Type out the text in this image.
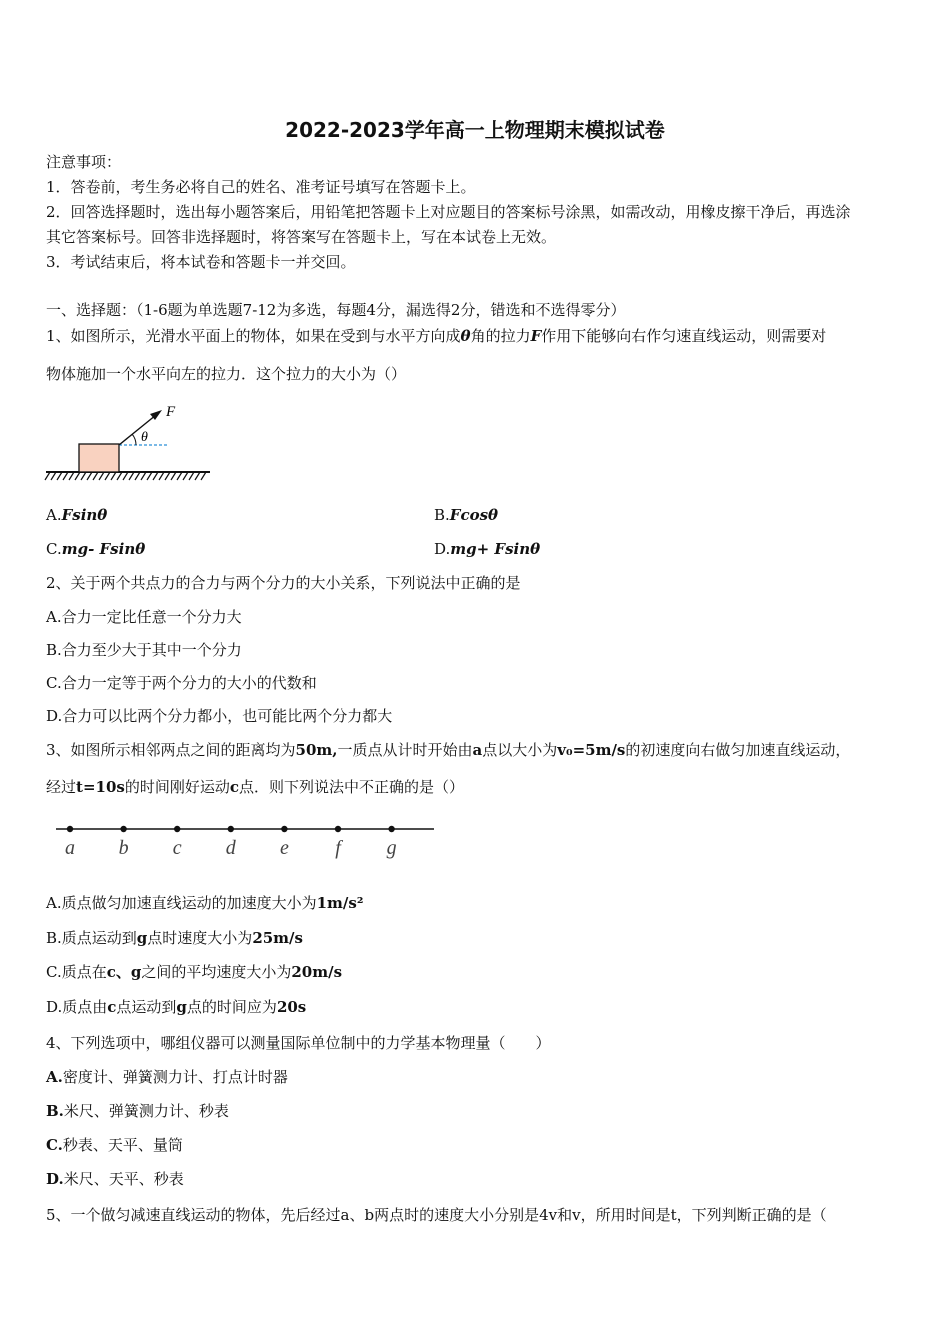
2022-2023学年高一上物理期末模拟试卷
注意事项：
1．答卷前，考生务必将自己的姓名、准考证号填写在答题卡上。
2．回答选择题时，选出每小题答案后，用铅笔把答题卡上对应题目的答案标号涂黑，如需改动，用橡皮擦干净后，再选涂
其它答案标号。回答非选择题时，将答案写在答题卡上，写在本试卷上无效。
3．考试结束后，将本试卷和答题卡一并交回。
一、选择题：（1-6题为单选题7-12为多选，每题4分，漏选得2分，错选和不选得零分）
1、如图所示，光滑水平面上的物体，如果在受到与水平方向成θ角的拉力F作用下能够向右作匀速直线运动，则需要对
物体施加一个水平向左的拉力．这个拉力的大小为（）
F
θ
A.Fsinθ	B.Fcosθ
C.mg- Fsinθ	D.mg+ Fsinθ
2、关于两个共点力的合力与两个分力的大小关系，下列说法中正确的是
A.合力一定比任意一个分力大
B.合力至少大于其中一个分力
C.合力一定等于两个分力的大小的代数和
D.合力可以比两个分力都小，也可能比两个分力都大
3、如图所示相邻两点之间的距离均为50m,一质点从计时开始由a点以大小为v₀=5m/s的初速度向右做匀加速直线运动，
经过t=10s的时间刚好运动c点．则下列说法中不正确的是（）
a b c d e f g
A.质点做匀加速直线运动的加速度大小为1m/s²
B.质点运动到g点时速度大小为25m/s
C.质点在c、g之间的平均速度大小为20m/s
D.质点由c点运动到g点的时间应为20s
4、下列选项中，哪组仪器可以测量国际单位制中的力学基本物理量（　　）
A.密度计、弹簧测力计、打点计时器
B.米尺、弹簧测力计、秒表
C.秒表、天平、量筒
D.米尺、天平、秒表
5、一个做匀减速直线运动的物体，先后经过a、b两点时的速度大小分别是4v和v，所用时间是t，下列判断正确的是（
